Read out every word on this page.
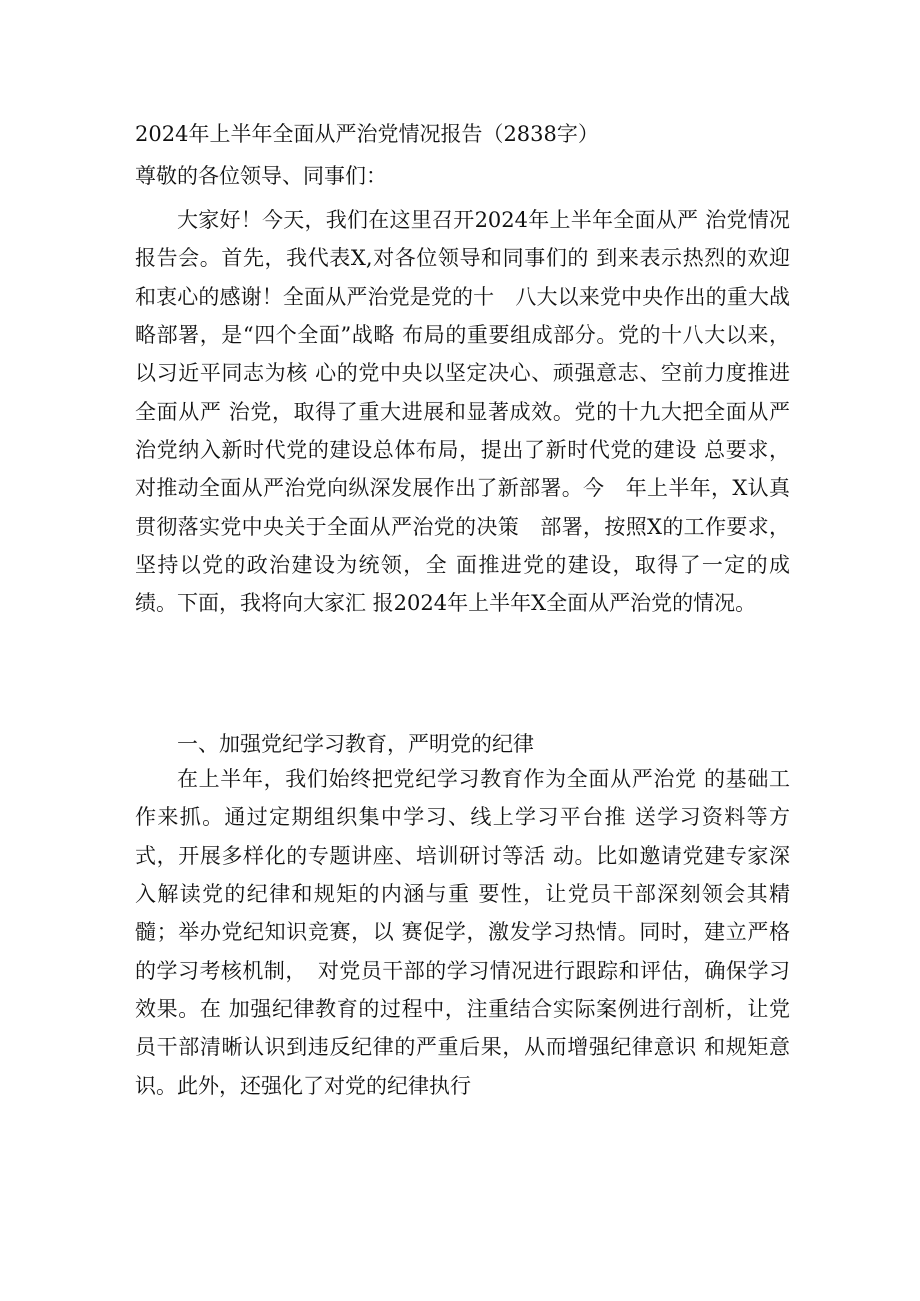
2024年上半年全面从严治党情况报告（2838字）
尊敬的各位领导、同事们：

大家好！今天，我们在这里召开2024年上半年全面从严 治党情况报告会。首先，我代表X,对各位领导和同事们的 到来表示热烈的欢迎和衷心的感谢！全面从严治党是党的十　八大以来党中央作出的重大战略部署，是“四个全面”战略 布局的重要组成部分。党的十八大以来，以习近平同志为核 心的党中央以坚定决心、顽强意志、空前力度推进全面从严 治党，取得了重大进展和显著成效。党的十九大把全面从严 治党纳入新时代党的建设总体布局，提出了新时代党的建设 总要求，对推动全面从严治党向纵深发展作出了新部署。今　年上半年，X认真贯彻落实党中央关于全面从严治党的决策　部署，按照X的工作要求，坚持以党的政治建设为统领，全 面推进党的建设，取得了一定的成绩。下面，我将向大家汇 报2024年上半年X全面从严治党的情况。

一、加强党纪学习教育，严明党的纪律

在上半年，我们始终把党纪学习教育作为全面从严治党 的基础工作来抓。通过定期组织集中学习、线上学习平台推 送学习资料等方式，开展多样化的专题讲座、培训研讨等活 动。比如邀请党建专家深入解读党的纪律和规矩的内涵与重 要性，让党员干部深刻领会其精髓；举办党纪知识竞赛，以 赛促学，激发学习热情。同时，建立严格的学习考核机制，　对党员干部的学习情况进行跟踪和评估，确保学习效果。在 加强纪律教育的过程中，注重结合实际案例进行剖析，让党 员干部清晰认识到违反纪律的严重后果，从而增强纪律意识 和规矩意识。此外，还强化了对党的纪律执行
